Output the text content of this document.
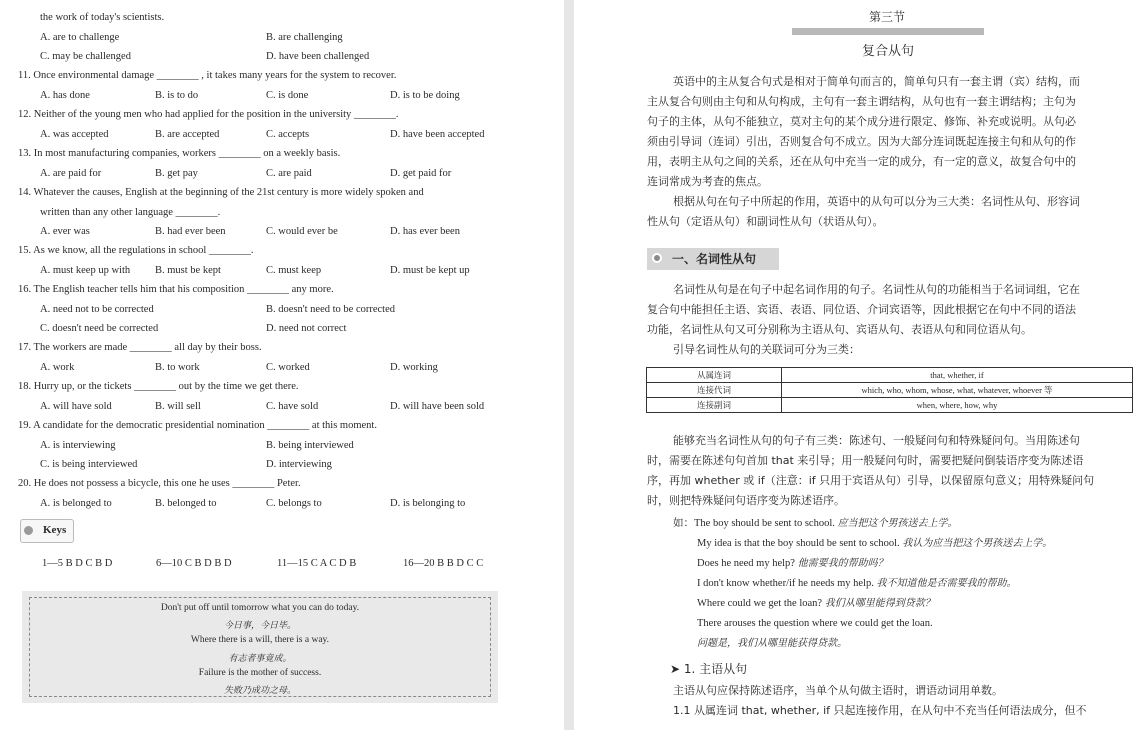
the work of today's scientists.
A. are to challenge	B. are challenging
C. may be challenged	D. have been challenged
11. Once environmental damage ________ , it takes many years for the system to recover.
A. has done	B. is to do	C. is done	D. is to be doing
12. Neither of the young men who had applied for the position in the university ________.
A. was accepted	B. are accepted	C. accepts	D. have been accepted
13. In most manufacturing companies, workers ________ on a weekly basis.
A. are paid for	B. get pay	C. are paid	D. get paid for
14. Whatever the causes, English at the beginning of the 21st century is more widely spoken and
written than any other language ________.
A. ever was	B. had ever been	C. would ever be	D. has ever been
15. As we know, all the regulations in school ________.
A. must keep up with B. must be kept	C. must keep	D. must be kept up
16. The English teacher tells him that his composition ________ any more.
A. need not to be corrected	B. doesn't need to be corrected
C. doesn't need be corrected	D. need not correct
17. The workers are made ________ all day by their boss.
A. work	B. to work	C. worked	D. working
18. Hurry up, or the tickets ________ out by the time we get there.
A. will have sold	B. will sell	C. have sold	D. will have been sold
19. A candidate for the democratic presidential nomination ________ at this moment.
A. is interviewing	B. being interviewed
C. is being interviewed	D. interviewing
20. He does not possess a bicycle, this one he uses ________ Peter.
A. is belonged to	B. belonged to	C. belongs to	D. is belonging to
Keys
1—5 B D C B D	6—10 C B D B D	11—15 C A C D B	16—20 B B D C C
Don't put off until tomorrow what you can do today.
今日事，今日毕。
Where there is a will, there is a way.
有志者事竟成。
Failure is the mother of success.
失败乃成功之母。
第三节
复合从句
英语中的主从复合句式是相对于简单句而言的，简单句只有一套主谓（宾）结构，而
主从复合句则由主句和从句构成，主句有一套主谓结构，从句也有一套主谓结构；主句为
句子的主体，从句不能独立，莫对主句的某个成分进行限定、修饰、补充或说明。从句必
须由引导词（连词）引出，否则复合句不成立。因为大部分连词既起连接主句和从句的作
用，表明主从句之间的关系，还在从句中充当一定的成分，有一定的意义，故复合句中的
连词常成为考査的焦点。
根据从句在句子中所起的作用，英语中的从句可以分为三大类：名词性从句、形容词
性从句（定语从句）和副词性从句（状语从句）。
一、名词性从句
名词性从句是在句子中起名词作用的句子。名词性从句的功能相当于名词词组，它在
复合句中能担任主语、宾语、表语、同位语、介词宾语等，因此根据它在句中不同的语法
功能，名词性从句又可分别称为主语从句、宾语从句、表语从句和同位语从句。
引导名词性从句的关联词可分为三类：
从属连词	that, whether, if
连接代词	which, who, whom, whose, what, whatever, whoever 等
连接副词	when, where, how, why
能够充当名词性从句的句子有三类：陈述句、一般疑问句和特殊疑问句。当用陈述句
时，需要在陈述句句首加 that 来引导；用一般疑问句时，需要把疑问倒装语序变为陈述语
序，再加 whether 或 if（注意：if 只用于宾语从句）引导，以保留原句意义；用特殊疑问句
时，则把特殊疑问句语序变为陈述语序。
如：The boy should be sent to school. 应当把这个男孩送去上学。
My idea is that the boy should be sent to school. 我认为应当把这个男孩送去上学。
Does he need my help? 他需要我的帮助吗？
I don't know whether/if he needs my help. 我不知道他是否需要我的帮助。
Where could we get the loan? 我们从哪里能得到贷款？
There arouses the question where we could get the loan.
问题是，我们从哪里能获得贷款。
➤ 1. 主语从句
主语从句应保持陈述语序，当单个从句做主语时，谓语动词用单数。
1.1 从属连词 that, whether, if 只起连接作用，在从句中不充当任何语法成分，但不
